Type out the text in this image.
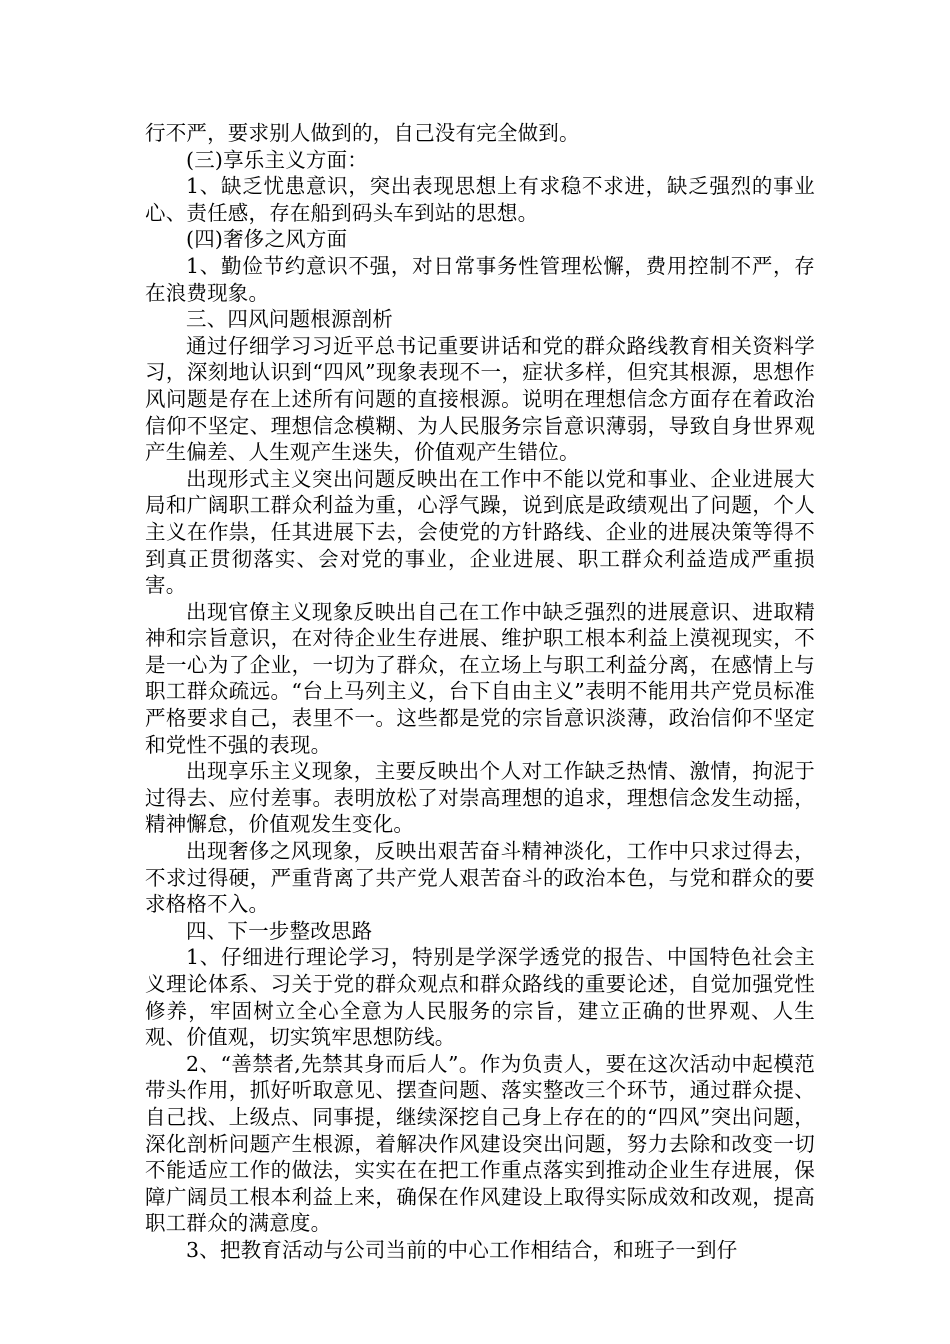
行不严，要求别人做到的，自己没有完全做到。

(三)享乐主义方面：

1、缺乏忧患意识，突出表现思想上有求稳不求进，缺乏强烈的事业心、责任感，存在船到码头车到站的思想。

(四)奢侈之风方面

1、勤俭节约意识不强，对日常事务性管理松懈，费用控制不严，存在浪费现象。

三、四风问题根源剖析

通过仔细学习习近平总书记重要讲话和党的群众路线教育相关资料学习，深刻地认识到“四风”现象表现不一，症状多样，但究其根源，思想作风问题是存在上述所有问题的直接根源。说明在理想信念方面存在着政治信仰不坚定、理想信念模糊、为人民服务宗旨意识薄弱，导致自身世界观产生偏差、人生观产生迷失，价值观产生错位。

出现形式主义突出问题反映出在工作中不能以党和事业、企业进展大局和广阔职工群众利益为重，心浮气躁，说到底是政绩观出了问题，个人主义在作祟，任其进展下去，会使党的方针路线、企业的进展决策等得不到真正贯彻落实、会对党的事业，企业进展、职工群众利益造成严重损害。

出现官僚主义现象反映出自己在工作中缺乏强烈的进展意识、进取精神和宗旨意识，在对待企业生存进展、维护职工根本利益上漠视现实，不是一心为了企业，一切为了群众，在立场上与职工利益分离，在感情上与职工群众疏远。“台上马列主义，台下自由主义”表明不能用共产党员标准严格要求自己，表里不一。这些都是党的宗旨意识淡薄，政治信仰不坚定和党性不强的表现。

出现享乐主义现象，主要反映出个人对工作缺乏热情、激情，拘泥于过得去、应付差事。表明放松了对崇高理想的追求，理想信念发生动摇，精神懈怠，价值观发生变化。

出现奢侈之风现象，反映出艰苦奋斗精神淡化，工作中只求过得去，不求过得硬，严重背离了共产党人艰苦奋斗的政治本色，与党和群众的要求格格不入。

四、下一步整改思路

1、仔细进行理论学习，特别是学深学透党的报告、中国特色社会主义理论体系、习关于党的群众观点和群众路线的重要论述，自觉加强党性修养，牢固树立全心全意为人民服务的宗旨，建立正确的世界观、人生观、价值观，切实筑牢思想防线。

2、“善禁者,先禁其身而后人”。作为负责人，要在这次活动中起模范带头作用，抓好听取意见、摆查问题、落实整改三个环节，通过群众提、自己找、上级点、同事提，继续深挖自己身上存在的的“四风”突出问题，深化剖析问题产生根源，着解决作风建设突出问题，努力去除和改变一切不能适应工作的做法，实实在在把工作重点落实到推动企业生存进展，保障广阔员工根本利益上来，确保在作风建设上取得实际成效和改观，提高职工群众的满意度。

3、把教育活动与公司当前的中心工作相结合，和班子一到仔
